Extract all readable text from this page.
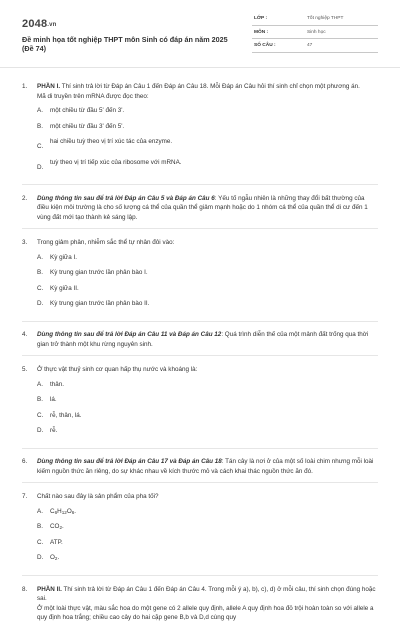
2048.vn
Đề minh họa tốt nghiệp THPT môn Sinh có đáp án năm 2025 (Đề 74)
LỚP :	Tốt nghiệp THPT
MÔN :	Sinh học
SỐ CÂU :	47
1. PHẦN I. Thí sinh trả lời từ Đáp án Câu 1 đến Đáp án Câu 18. Mỗi Đáp án Câu hỏi thí sinh chỉ chọn một phương án.
Mã di truyền trên mRNA được đọc theo:
A.	một chiều từ đầu 5' đến 3'.
B.	một chiều từ đầu 3' đến 5'.
C.
hai chiều tuỳ theo vị trí xúc tác của enzyme.
D.
tuỳ theo vị trí tiếp xúc của ribosome với mRNA.
2. Dùng thông tin sau để trả lời Đáp án Câu 5 và Đáp án Câu 6: Yếu tố ngẫu nhiên là những thay đổi bất thường của điều kiện môi trường là cho số lượng cá thể của quần thể giảm mạnh hoặc do 1 nhóm cá thể của quần thể di cư đến 1 vùng đất mới tạo thành kẻ sáng lập.
3. Trong giảm phân, nhiễm sắc thể tự nhân đôi vào:
A.	Kỳ giữa I.
B.	Kỳ trung gian trước lần phân bào I.
C.	Kỳ giữa II.
D.	Kỳ trung gian trước lần phân bào II.
4. Dùng thông tin sau để trả lời Đáp án Câu 11 và Đáp án Câu 12: Quá trình diễn thế của một mảnh đất trống qua thời gian trở thành một khu rừng nguyên sinh.
5. Ở thực vật thuỷ sinh cơ quan hấp thụ nước và khoáng là:
A.	thân.
B.	lá.
C.	rễ, thân, lá.
D.	rễ.
6. Dùng thông tin sau để trả lời Đáp án Câu 17 và Đáp án Câu 18: Tán cây là nơi ở của một số loài chim nhưng mỗi loài kiếm nguồn thức ăn riêng, do sự khác nhau về kích thước mỏ và cách khai thác nguồn thức ăn đó.
7. Chất nào sau đây là sản phẩm của pha tối?
A.	$C_6H_{12}O_6$.
B.	$CO_2$.
C.	ATP.
D.	$O_2$.
8. PHẦN II. Thí sinh trả lời từ Đáp án Câu 1 đến Đáp án Câu 4. Trong mỗi ý a), b), c), d) ở mỗi câu, thí sinh chọn đúng hoặc sai.
Ở một loài thực vật, màu sắc hoa do một gene có 2 allele quy định, allele A quy định hoa đỏ trội hoàn toàn so với allele a quy định hoa trắng; chiều cao cây do hai cặp gene B,b và D,d cùng quy
